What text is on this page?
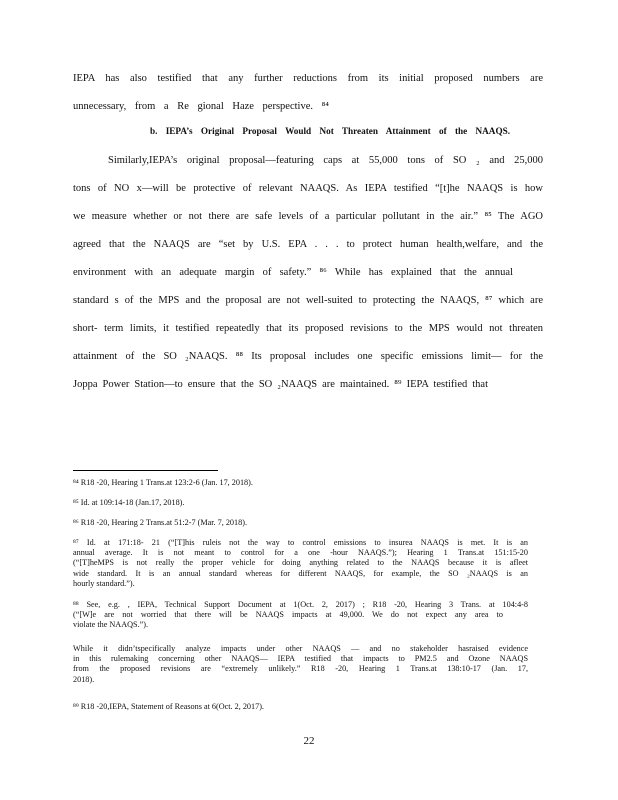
IEPA has also testified that any further reductions from its initial proposed numbers are
unnecessary, from a Re gional Haze perspective. ⁸⁴
b. IEPA’s Original Proposal Would Not Threaten Attainment of the NAAQS.
Similarly,IEPA’s original proposal—featuring caps at 55,000 tons of SO ₂ and 25,000
tons of NO x—will be protective of relevant NAAQS. As IEPA testified “[t]he NAAQS is how
we measure whether or not there are safe levels of a particular pollutant in the air.” ⁸⁵ The AGO
agreed that the NAAQS are “set by U.S. EPA . . . to protect human health,welfare, and the
environment with an adequate margin of safety.” ⁸⁶ While has explained that the annual
standard s of the MPS and the proposal are not well-suited to protecting the NAAQS, ⁸⁷ which are
short- term limits, it testified repeatedly that its proposed revisions to the MPS would not threaten
attainment of the SO ₂NAAQS. ⁸⁸ Its proposal includes one specific emissions limit— for the
Joppa Power Station—to ensure that the SO ₂NAAQS are maintained. ⁸⁹ IEPA testified that
⁸⁴ R18 -20, Hearing 1 Trans.at 123:2-6 (Jan. 17, 2018).
⁸⁵ Id. at 109:14-18 (Jan.17, 2018).
⁸⁶ R18 -20, Hearing 2 Trans.at 51:2-7 (Mar. 7, 2018).
⁸⁷ Id. at 171:18- 21 (“[T]his ruleis not the way to control emissions to insurea NAAQS is met. It is an
annual average. It is not meant to control for a one -hour NAAQS.”); Hearing 1 Trans.at 151:15-20
(“[T]heMPS is not really the proper vehicle for doing anything related to the NAAQS because it is afleet
wide standard. It is an annual standard whereas for different NAAQS, for example, the SO ₂NAAQS is an
hourly standard.”).
⁸⁸ See, e.g. , IEPA, Technical Support Document at 1(Oct. 2, 2017) ; R18 -20, Hearing 3 Trans. at 104:4-8
(“[W]e are not worried that there will be NAAQS impacts at 49,000. We do not expect any area to
violate the NAAQS.”).
While it didn’tspecifically analyze impacts under other NAAQS — and no stakeholder hasraised evidence
in this rulemaking concerning other NAAQS— IEPA testified that impacts to PM2.5 and Ozone NAAQS
from the proposed revisions are “extremely unlikely.” R18 -20, Hearing 1 Trans.at 138:10-17 (Jan. 17,
2018).
⁸⁹ R18 -20,IEPA, Statement of Reasons at 6(Oct. 2, 2017).
22
